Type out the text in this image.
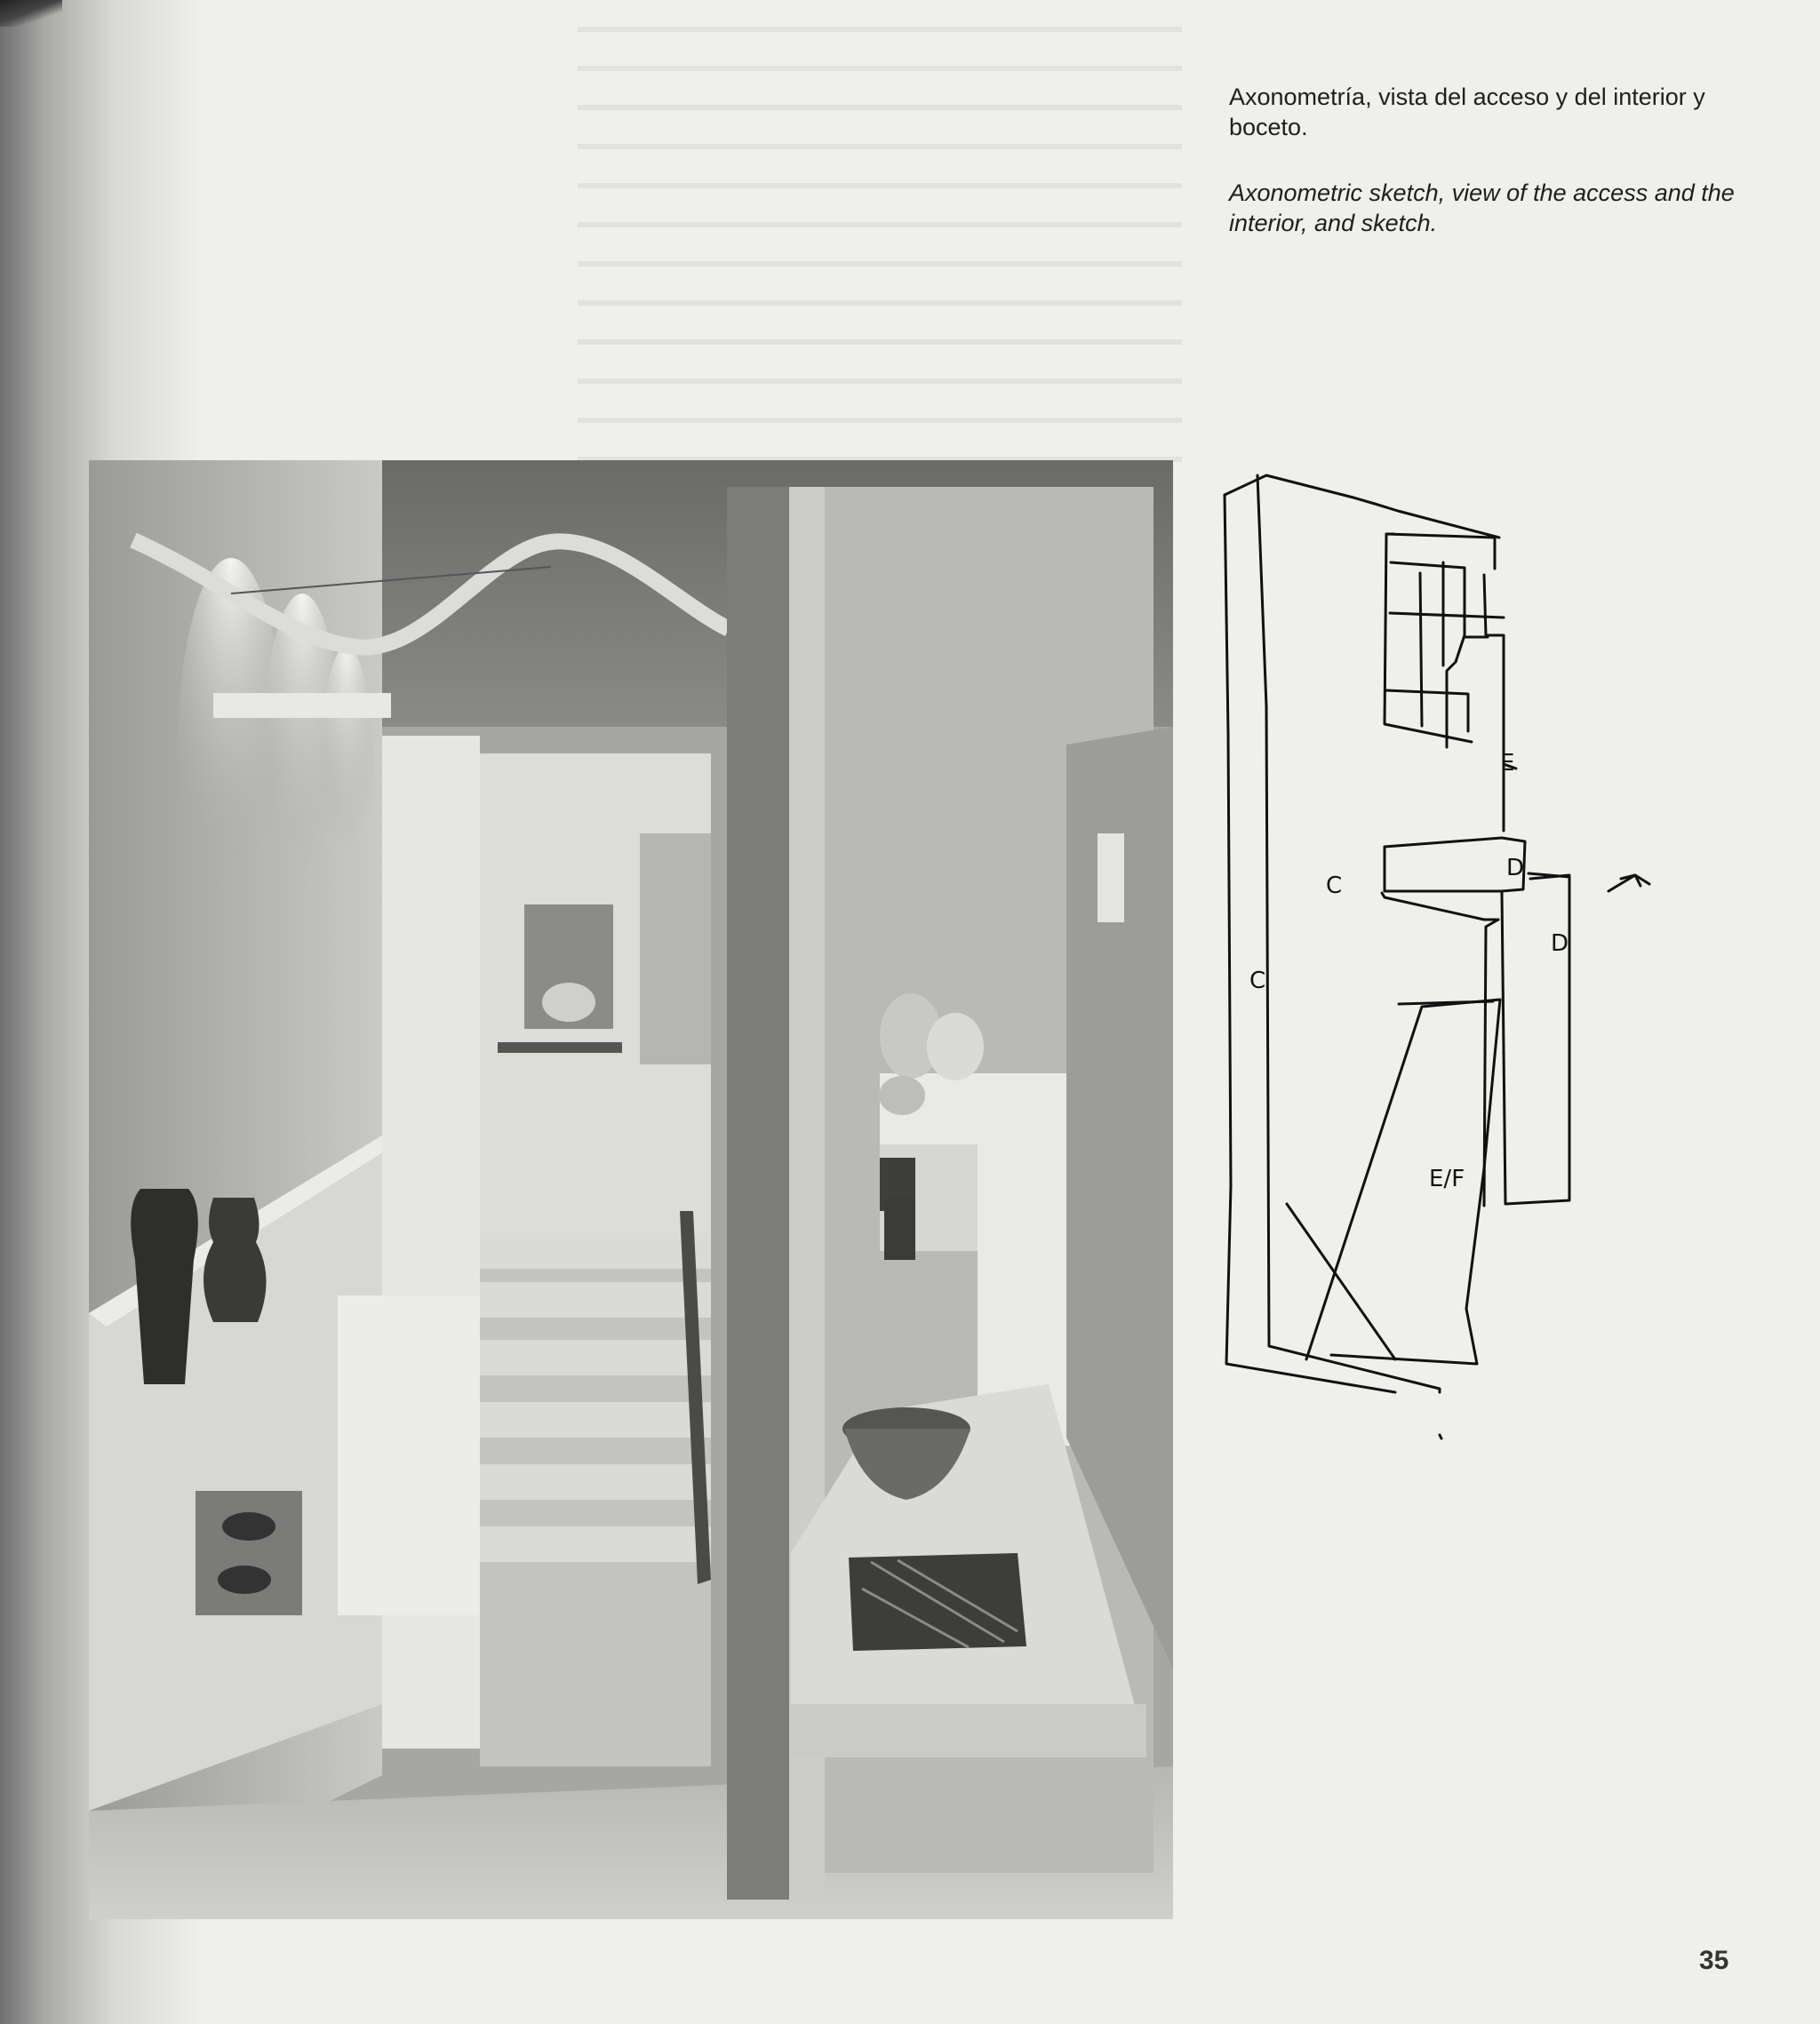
Axonometría, vista del acceso y del interior y boceto.

Axonometric sketch, view of the access and the interior, and sketch.

E
D
D
C
C
E/F
35
